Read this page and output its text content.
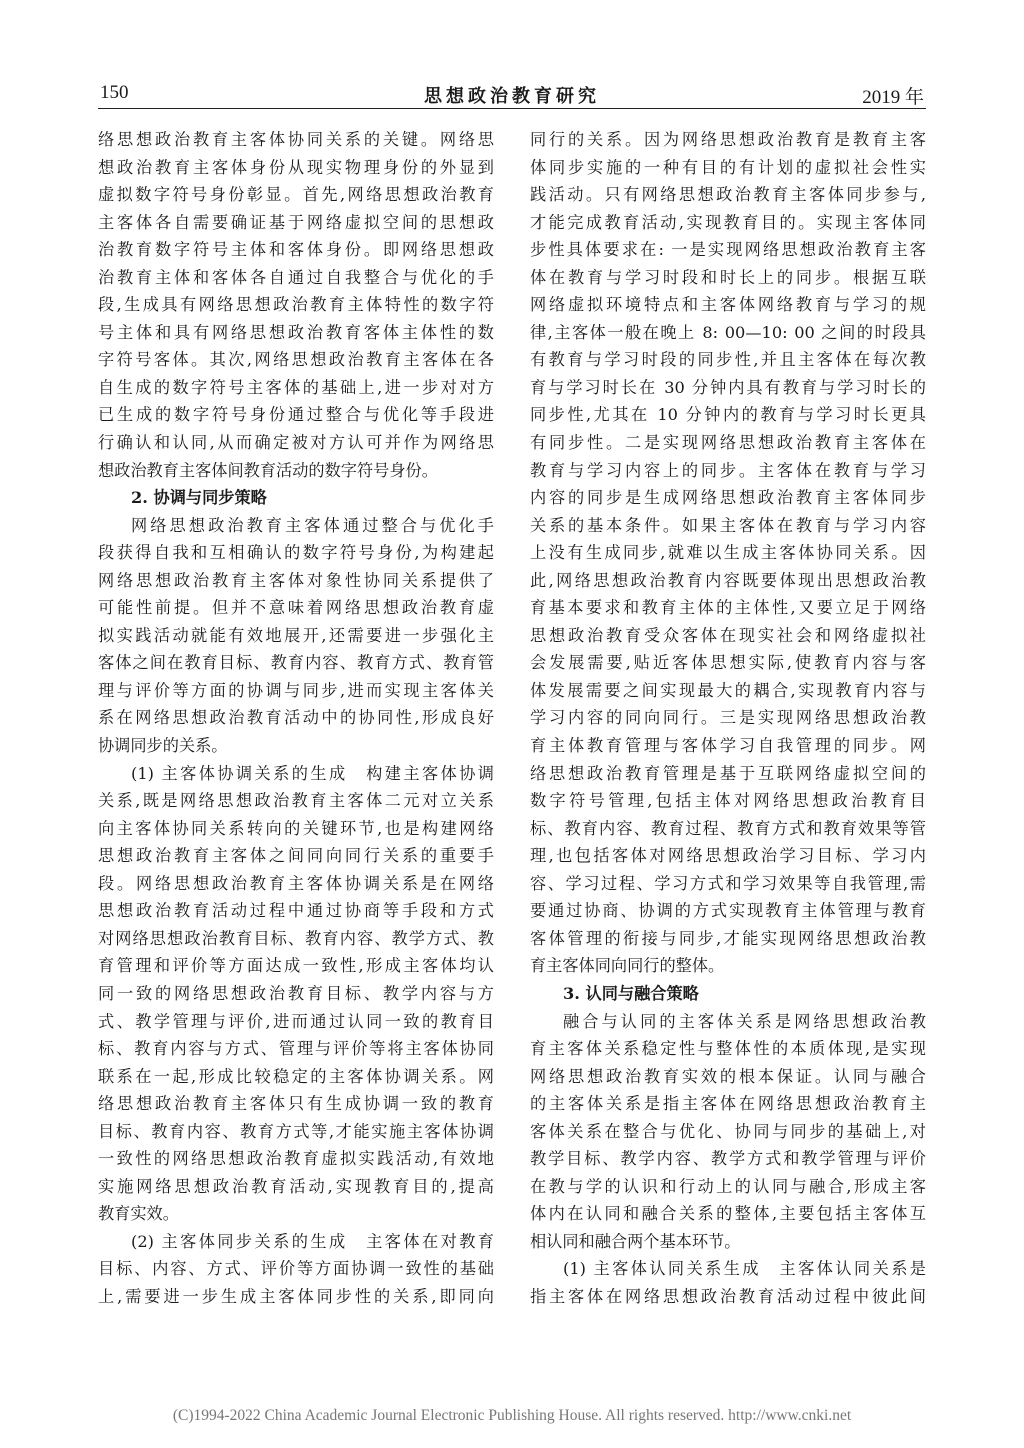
150	思想政治教育研究	2019 年
络思想政治教育主客体协同关系的关键。网络思
想政治教育主客体身份从现实物理身份的外显到
虚拟数字符号身份彰显。首先,网络思想政治教育
主客体各自需要确证基于网络虚拟空间的思想政
治教育数字符号主体和客体身份。即网络思想政
治教育主体和客体各自通过自我整合与优化的手
段,生成具有网络思想政治教育主体特性的数字符
号主体和具有网络思想政治教育客体主体性的数
字符号客体。其次,网络思想政治教育主客体在各
自生成的数字符号主客体的基础上,进一步对对方
已生成的数字符号身份通过整合与优化等手段进
行确认和认同,从而确定被对方认可并作为网络思
想政治教育主客体间教育活动的数字符号身份。
2. 协调与同步策略
网络思想政治教育主客体通过整合与优化手
段获得自我和互相确认的数字符号身份,为构建起
网络思想政治教育主客体对象性协同关系提供了
可能性前提。但并不意味着网络思想政治教育虚
拟实践活动就能有效地展开,还需要进一步强化主
客体之间在教育目标、教育内容、教育方式、教育管
理与评价等方面的协调与同步,进而实现主客体关
系在网络思想政治教育活动中的协同性,形成良好
协调同步的关系。
(1) 主客体协调关系的生成　构建主客体协调
关系,既是网络思想政治教育主客体二元对立关系
向主客体协同关系转向的关键环节,也是构建网络
思想政治教育主客体之间同向同行关系的重要手
段。网络思想政治教育主客体协调关系是在网络
思想政治教育活动过程中通过协商等手段和方式
对网络思想政治教育目标、教育内容、教学方式、教
育管理和评价等方面达成一致性,形成主客体均认
同一致的网络思想政治教育目标、教学内容与方
式、教学管理与评价,进而通过认同一致的教育目
标、教育内容与方式、管理与评价等将主客体协同
联系在一起,形成比较稳定的主客体协调关系。网
络思想政治教育主客体只有生成协调一致的教育
目标、教育内容、教育方式等,才能实施主客体协调
一致性的网络思想政治教育虚拟实践活动,有效地
实施网络思想政治教育活动,实现教育目的,提高
教育实效。
(2) 主客体同步关系的生成　主客体在对教育
目标、内容、方式、评价等方面协调一致性的基础
上,需要进一步生成主客体同步性的关系,即同向
同行的关系。因为网络思想政治教育是教育主客
体同步实施的一种有目的有计划的虚拟社会性实
践活动。只有网络思想政治教育主客体同步参与,
才能完成教育活动,实现教育目的。实现主客体同
步性具体要求在: 一是实现网络思想政治教育主客
体在教育与学习时段和时长上的同步。根据互联
网络虚拟环境特点和主客体网络教育与学习的规
律,主客体一般在晚上 8: 00—10: 00 之间的时段具
有教育与学习时段的同步性,并且主客体在每次教
育与学习时长在 30 分钟内具有教育与学习时长的
同步性,尤其在 10 分钟内的教育与学习时长更具
有同步性。二是实现网络思想政治教育主客体在
教育与学习内容上的同步。主客体在教育与学习
内容的同步是生成网络思想政治教育主客体同步
关系的基本条件。如果主客体在教育与学习内容
上没有生成同步,就难以生成主客体协同关系。因
此,网络思想政治教育内容既要体现出思想政治教
育基本要求和教育主体的主体性,又要立足于网络
思想政治教育受众客体在现实社会和网络虚拟社
会发展需要,贴近客体思想实际,使教育内容与客
体发展需要之间实现最大的耦合,实现教育内容与
学习内容的同向同行。三是实现网络思想政治教
育主体教育管理与客体学习自我管理的同步。网
络思想政治教育管理是基于互联网络虚拟空间的
数字符号管理,包括主体对网络思想政治教育目
标、教育内容、教育过程、教育方式和教育效果等管
理,也包括客体对网络思想政治学习目标、学习内
容、学习过程、学习方式和学习效果等自我管理,需
要通过协商、协调的方式实现教育主体管理与教育
客体管理的衔接与同步,才能实现网络思想政治教
育主客体同向同行的整体。
3. 认同与融合策略
融合与认同的主客体关系是网络思想政治教
育主客体关系稳定性与整体性的本质体现,是实现
网络思想政治教育实效的根本保证。认同与融合
的主客体关系是指主客体在网络思想政治教育主
客体关系在整合与优化、协同与同步的基础上,对
教学目标、教学内容、教学方式和教学管理与评价
在教与学的认识和行动上的认同与融合,形成主客
体内在认同和融合关系的整体,主要包括主客体互
相认同和融合两个基本环节。
(1) 主客体认同关系生成　主客体认同关系是
指主客体在网络思想政治教育活动过程中彼此间
(C)1994-2022 China Academic Journal Electronic Publishing House. All rights reserved. http://www.cnki.net
